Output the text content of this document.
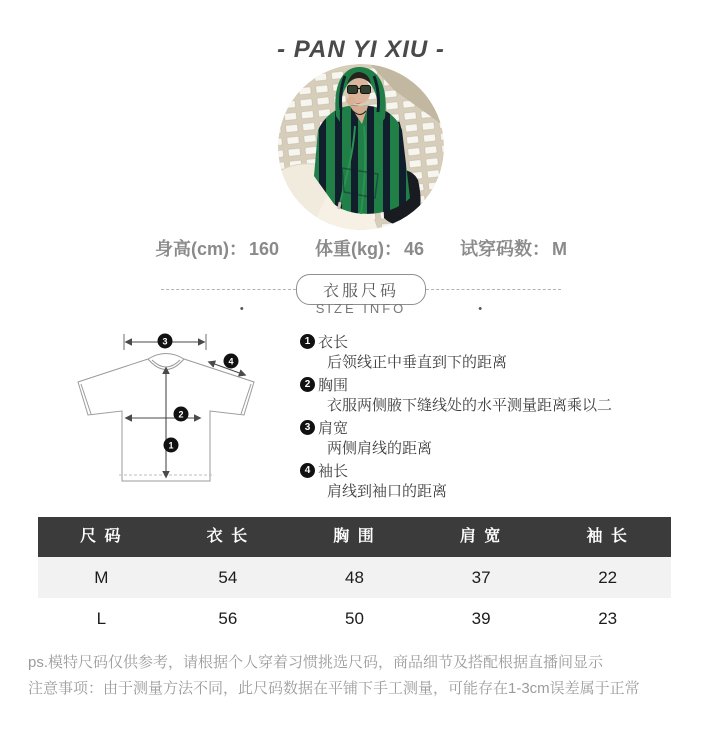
- PAN YI XIU -
身高(cm)： 160 体重(kg)： 46 试穿码数： M
衣服尺码
•	SIZE INFO	•
1
2
3
4
1 衣长
后领线正中垂直到下的距离
2 胸围
衣服两侧腋下缝线处的水平测量距离乘以二
3 肩宽
两侧肩线的距离
4 袖长
肩线到袖口的距离
尺 码	衣 长	胸 围	肩 宽	袖 长
M	54	48	37	22
L	56	50	39	23
ps.模特尺码仅供参考，请根据个人穿着习惯挑选尺码，商品细节及搭配根据直播间显示
注意事项：由于测量方法不同，此尺码数据在平铺下手工测量，可能存在1-3cm误差属于正常
